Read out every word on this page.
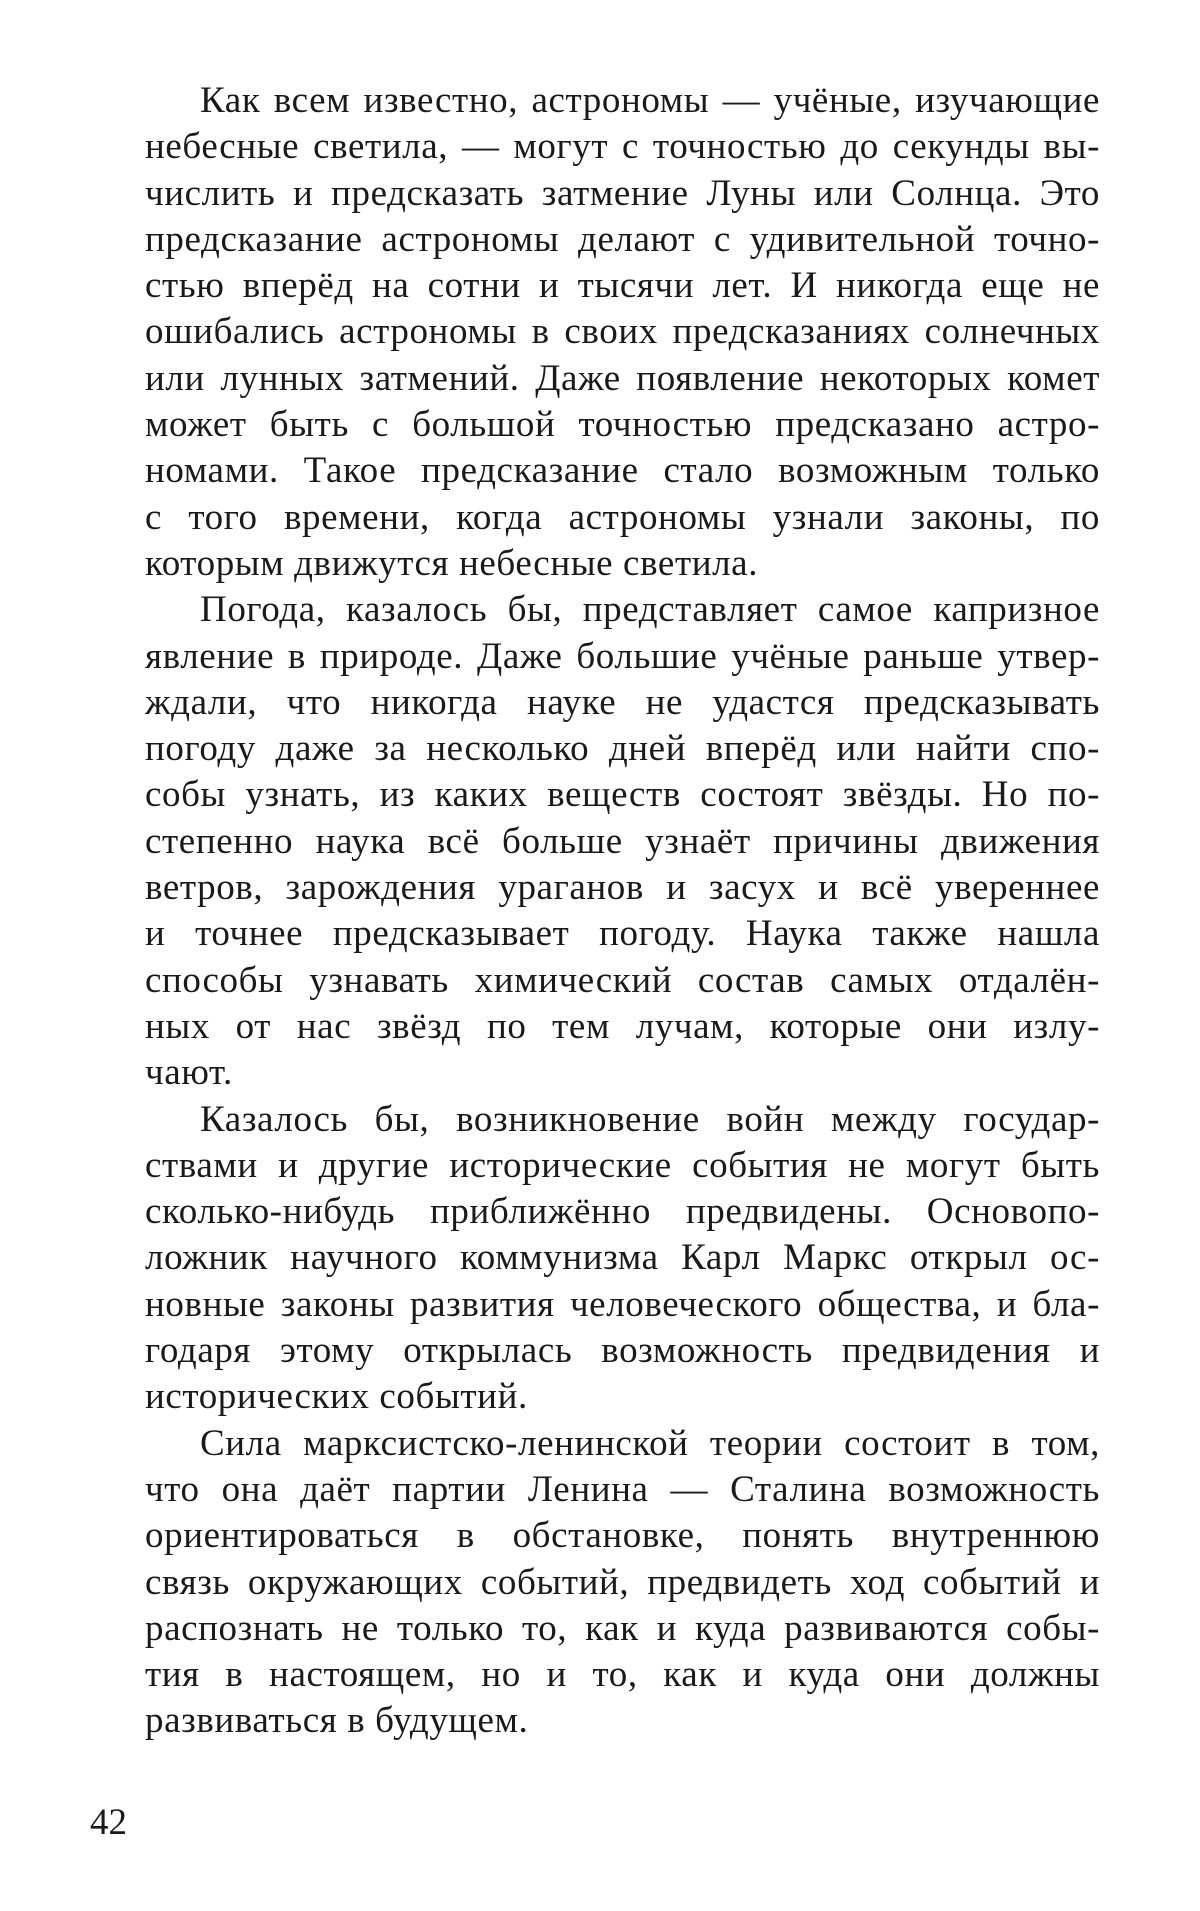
Как всем известно, астрономы — учёные, изучающие
небесные светила, — могут с точностью до секунды вы-
числить и предсказать затмение Луны или Солнца. Это
предсказание астрономы делают с удивительной точно-
стью вперёд на сотни и тысячи лет. И никогда еще не
ошибались астрономы в своих предсказаниях солнечных
или лунных затмений. Даже появление некоторых комет
может быть с большой точностью предсказано астро-
номами. Такое предсказание стало возможным только
с того времени, когда астрономы узнали законы, по
которым движутся небесные светила.
Погода, казалось бы, представляет самое капризное
явление в природе. Даже большие учёные раньше утвер-
ждали, что никогда науке не удастся предсказывать
погоду даже за несколько дней вперёд или найти спо-
собы узнать, из каких веществ состоят звёзды. Но по-
степенно наука всё больше узнаёт причины движения
ветров, зарождения ураганов и засух и всё увереннее
и точнее предсказывает погоду. Наука также нашла
способы узнавать химический состав самых отдалён-
ных от нас звёзд по тем лучам, которые они излу-
чают.
Казалось бы, возникновение войн между государ-
ствами и другие исторические события не могут быть
сколько-нибудь приближённо предвидены. Основопо-
ложник научного коммунизма Карл Маркс открыл ос-
новные законы развития человеческого общества, и бла-
годаря этому открылась возможность предвидения и
исторических событий.
Сила марксистско-ленинской теории состоит в том,
что она даёт партии Ленина — Сталина возможность
ориентироваться в обстановке, понять внутреннюю
связь окружающих событий, предвидеть ход событий и
распознать не только то, как и куда развиваются собы-
тия в настоящем, но и то, как и куда они должны
развиваться в будущем.
42
